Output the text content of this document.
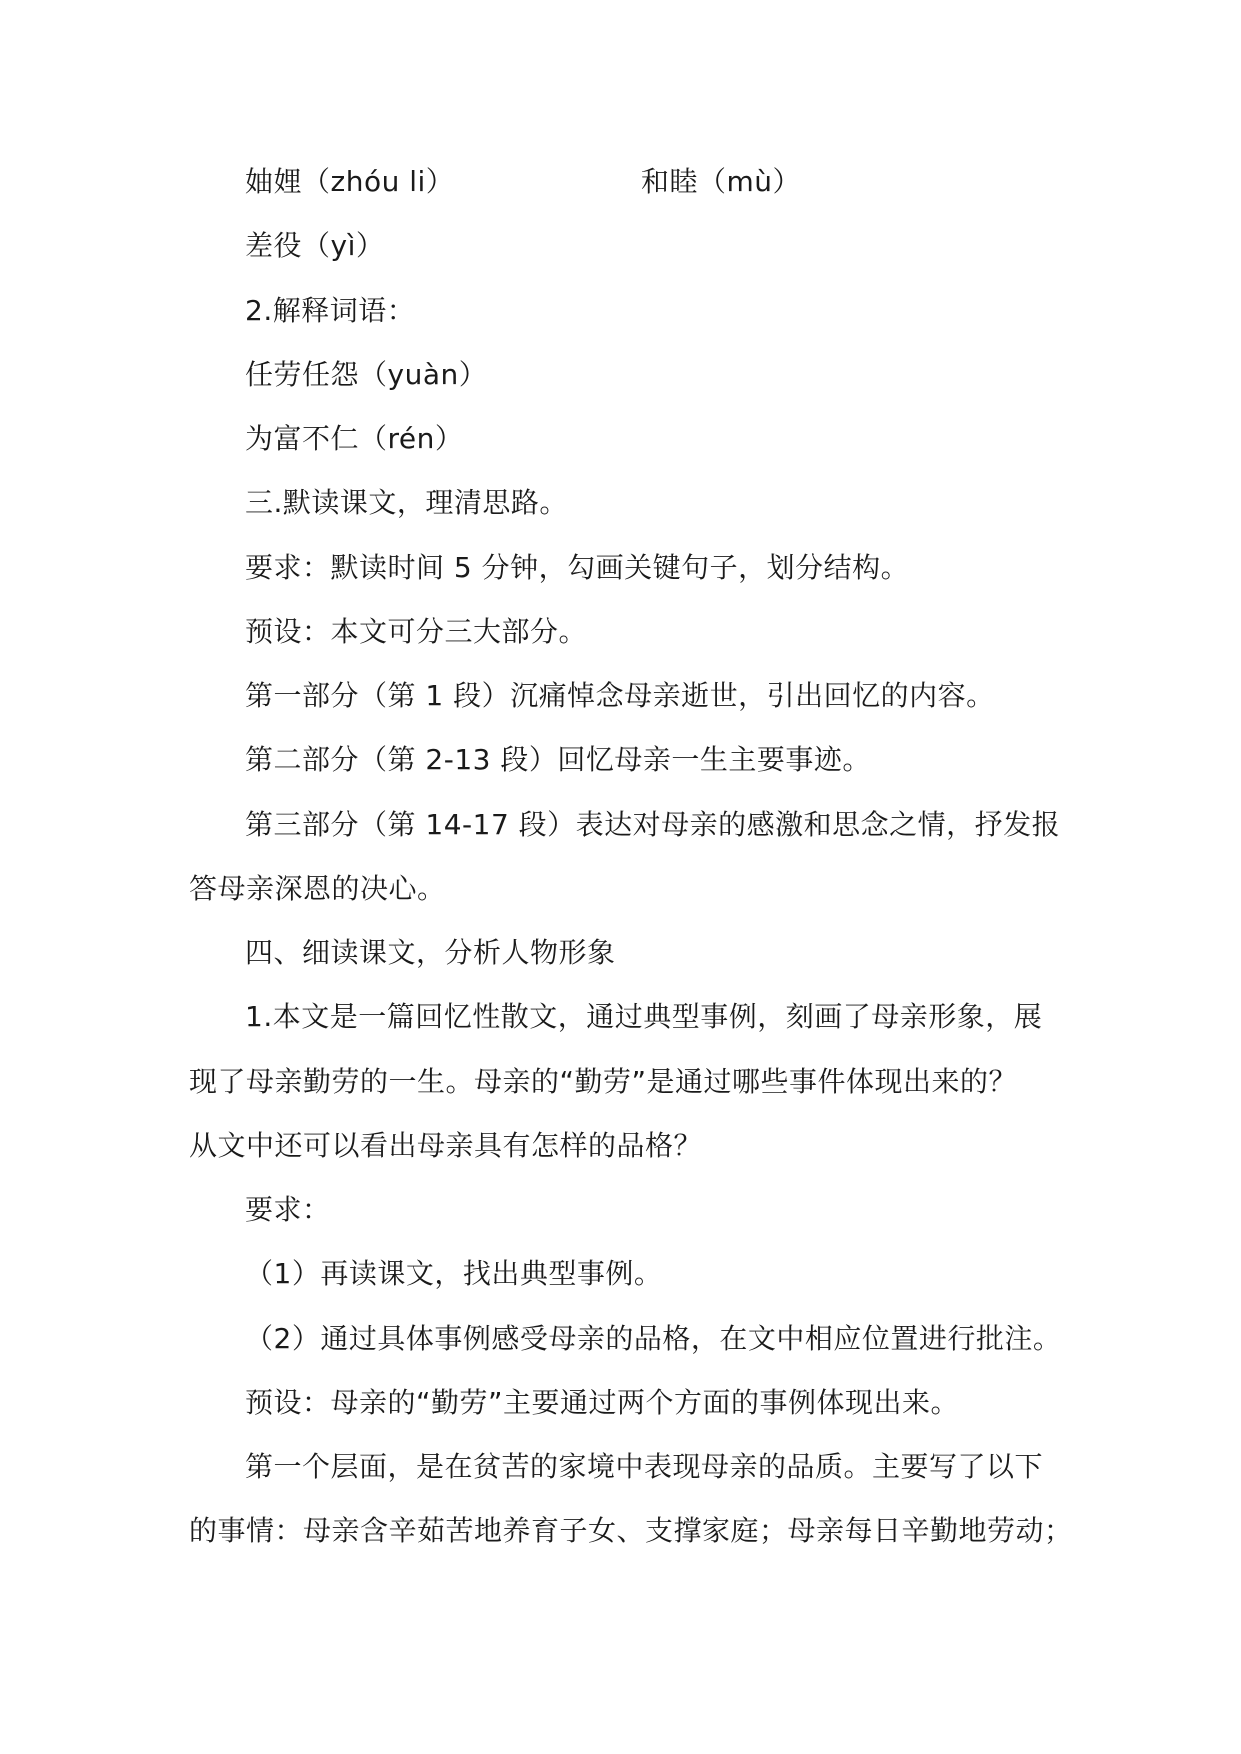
妯娌（zhóu li）	和睦（mù）
差役（yì）
2.解释词语：
任劳任怨（yuàn）
为富不仁（rén）
三.默读课文，理清思路。
要求：默读时间 5 分钟，勾画关键句子，划分结构。
预设：本文可分三大部分。
第一部分（第 1 段）沉痛悼念母亲逝世，引出回忆的内容。
第二部分（第 2-13 段）回忆母亲一生主要事迹。
第三部分（第 14-17 段）表达对母亲的感激和思念之情，抒发报
答母亲深恩的决心。
四、细读课文，分析人物形象
1.本文是一篇回忆性散文，通过典型事例，刻画了母亲形象，展
现了母亲勤劳的一生。母亲的“勤劳”是通过哪些事件体现出来的？
从文中还可以看出母亲具有怎样的品格？
要求：
（1）再读课文，找出典型事例。
（2）通过具体事例感受母亲的品格，在文中相应位置进行批注。
预设：母亲的“勤劳”主要通过两个方面的事例体现出来。
第一个层面，是在贫苦的家境中表现母亲的品质。主要写了以下
的事情：母亲含辛茹苦地养育子女、支撑家庭；母亲每日辛勤地劳动；
